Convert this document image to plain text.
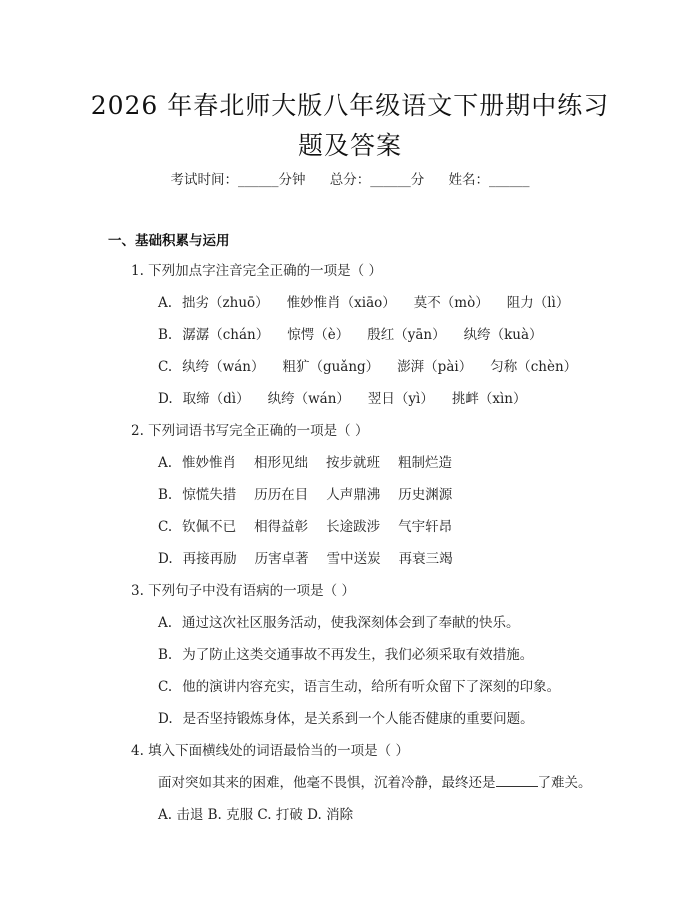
2026 年春北师大版八年级语文下册期中练习
题及答案
考试时间：______分钟 总分：______分 姓名：______
一、基础积累与运用
1. 下列加点字注音完全正确的一项是（ ）
A. 拙劣（zhuō） 惟妙惟肖（xiāo） 莫不（mò） 阻力（lì）
B. 潺潺（chán） 惊愕（è） 殷红（yān） 纨绔（kuà）
C. 纨绔（wán） 粗犷（guǎng） 澎湃（pài） 匀称（chèn）
D. 取缔（dì） 纨绔（wán） 翌日（yì） 挑衅（xìn）
2. 下列词语书写完全正确的一项是（ ）
A. 惟妙惟肖 相形见绌 按步就班 粗制烂造
B. 惊慌失措 历历在目 人声鼎沸 历史渊源
C. 钦佩不已 相得益彰 长途跋涉 气宇轩昂
D. 再接再励 历害卓著 雪中送炭 再衰三竭
3. 下列句子中没有语病的一项是（ ）
A. 通过这次社区服务活动，使我深刻体会到了奉献的快乐。
B. 为了防止这类交通事故不再发生，我们必须采取有效措施。
C. 他的演讲内容充实，语言生动，给所有听众留下了深刻的印象。
D. 是否坚持锻炼身体，是关系到一个人能否健康的重要问题。
4. 填入下面横线处的词语最恰当的一项是（ ）
面对突如其来的困难，他毫不畏惧，沉着冷静，最终还是	了难关。
A. 击退 B. 克服 C. 打破 D. 消除
